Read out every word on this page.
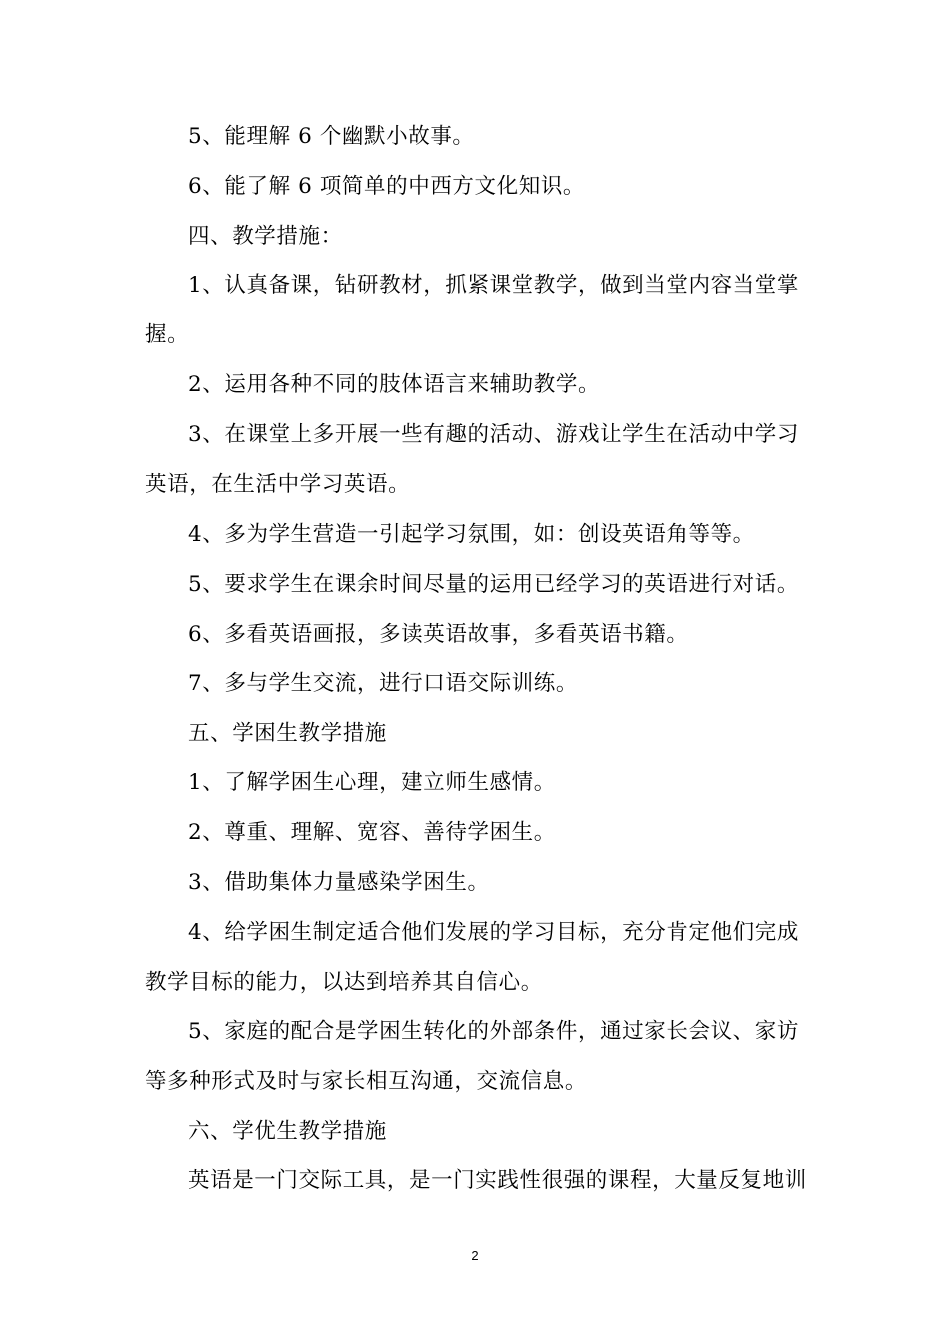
5、能理解 6 个幽默小故事。
6、能了解 6 项简单的中西方文化知识。
四、教学措施：
1、认真备课，钻研教材，抓紧课堂教学，做到当堂内容当堂掌
握。
2、运用各种不同的肢体语言来辅助教学。
3、在课堂上多开展一些有趣的活动、游戏让学生在活动中学习
英语，在生活中学习英语。
4、多为学生营造一引起学习氛围，如：创设英语角等等。
5、要求学生在课余时间尽量的运用已经学习的英语进行对话。
6、多看英语画报，多读英语故事，多看英语书籍。
7、多与学生交流，进行口语交际训练。
五、学困生教学措施
1、了解学困生心理，建立师生感情。
2、尊重、理解、宽容、善待学困生。
3、借助集体力量感染学困生。
4、给学困生制定适合他们发展的学习目标，充分肯定他们完成
教学目标的能力，以达到培养其自信心。
5、家庭的配合是学困生转化的外部条件，通过家长会议、家访
等多种形式及时与家长相互沟通，交流信息。
六、学优生教学措施
英语是一门交际工具，是一门实践性很强的课程，大量反复地训
2
